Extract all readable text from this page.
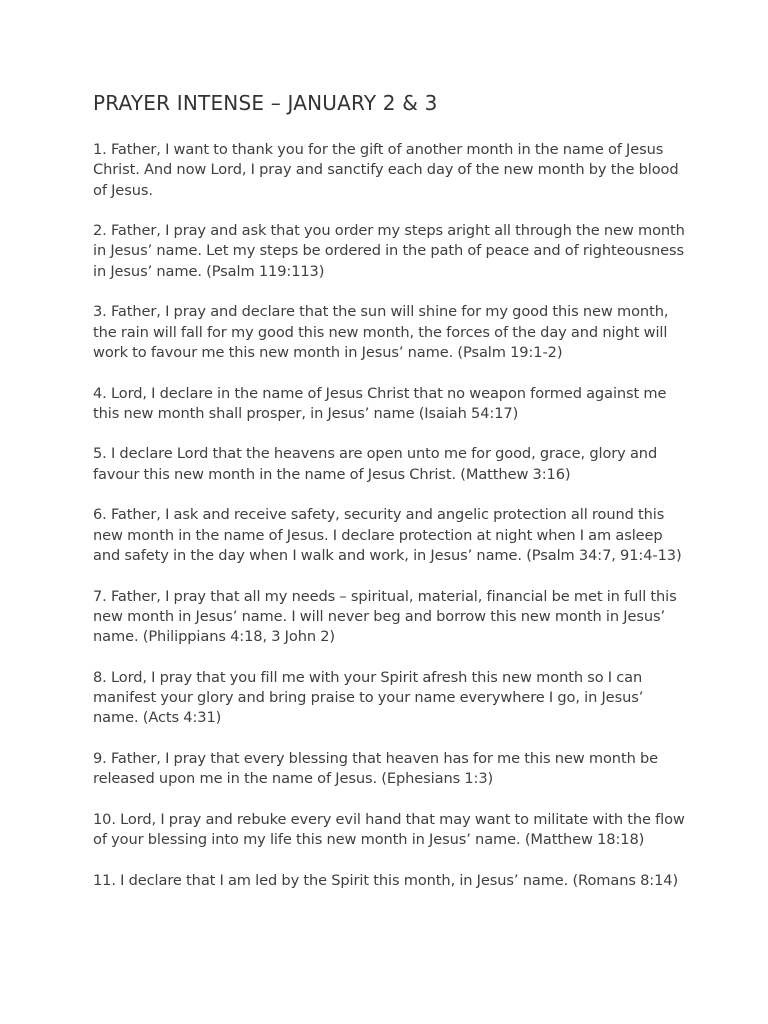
PRAYER INTENSE – JANUARY 2 & 3

1. Father, I want to thank you for the gift of another month in the name of Jesus Christ. And now Lord, I pray and sanctify each day of the new month by the blood of Jesus.

2. Father, I pray and ask that you order my steps aright all through the new month in Jesus’ name. Let my steps be ordered in the path of peace and of righteousness in Jesus’ name. (Psalm 119:113)

3. Father, I pray and declare that the sun will shine for my good this new month, the rain will fall for my good this new month, the forces of the day and night will work to favour me this new month in Jesus’ name. (Psalm 19:1-2)

4. Lord, I declare in the name of Jesus Christ that no weapon formed against me this new month shall prosper, in Jesus’ name (Isaiah 54:17)

5. I declare Lord that the heavens are open unto me for good, grace, glory and favour this new month in the name of Jesus Christ. (Matthew 3:16)

6. Father, I ask and receive safety, security and angelic protection all round this new month in the name of Jesus. I declare protection at night when I am asleep and safety in the day when I walk and work, in Jesus’ name. (Psalm 34:7, 91:4-13)

7. Father, I pray that all my needs – spiritual, material, financial be met in full this new month in Jesus’ name. I will never beg and borrow this new month in Jesus’ name. (Philippians 4:18, 3 John 2)

8. Lord, I pray that you fill me with your Spirit afresh this new month so I can manifest your glory and bring praise to your name everywhere I go, in Jesus’ name. (Acts 4:31)

9. Father, I pray that every blessing that heaven has for me this new month be released upon me in the name of Jesus. (Ephesians 1:3)

10. Lord, I pray and rebuke every evil hand that may want to militate with the flow of your blessing into my life this new month in Jesus’ name. (Matthew 18:18)

11. I declare that I am led by the Spirit this month, in Jesus’ name. (Romans 8:14)
